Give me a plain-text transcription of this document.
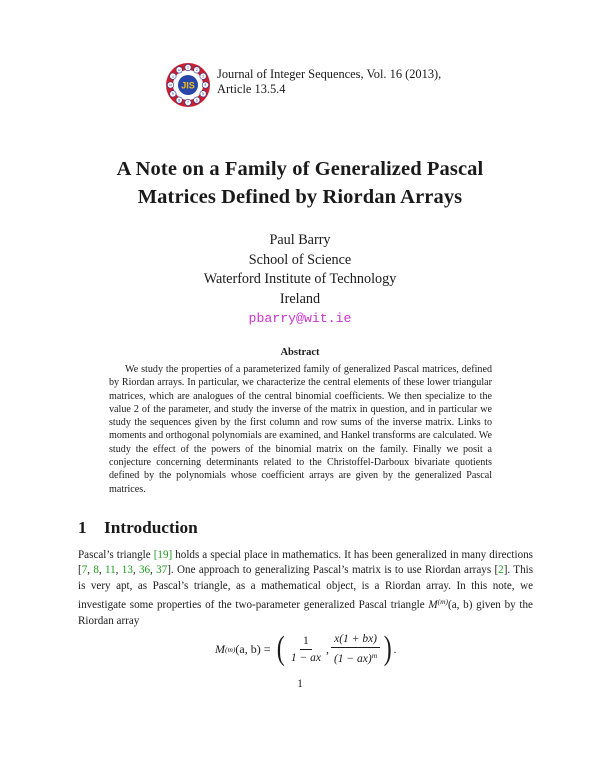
1
2
3
4
5
6
7
8
9
10
11
12
JIS
Journal of Integer Sequences, Vol. 16 (2013),
Article 13.5.4
A Note on a Family of Generalized Pascal
Matrices Defined by Riordan Arrays
Paul Barry
School of Science
Waterford Institute of Technology
Ireland
pbarry@wit.ie
Abstract

We study the properties of a parameterized family of generalized Pascal matrices, defined by Riordan arrays. In particular, we characterize the central elements of these lower triangular matrices, which are analogues of the central binomial coefficients. We then specialize to the value 2 of the parameter, and study the inverse of the matrix in question, and in particular we study the sequences given by the first column and row sums of the inverse matrix. Links to moments and orthogonal polynomials are examined, and Hankel transforms are calculated. We study the effect of the powers of the binomial matrix on the family. Finally we posit a conjecture concerning determinants related to the Christoffel-Darboux bivariate quotients defined by the polynomials whose coefficient arrays are given by the generalized Pascal matrices.

1 Introduction

Pascal’s triangle [19] holds a special place in mathematics. It has been generalized in many directions [7, 8, 11, 13, 36, 37]. One approach to generalizing Pascal’s matrix is to use Riordan arrays [2]. This is very apt, as Pascal’s triangle, as a mathematical object, is a Riordan array. In this note, we investigate some properties of the two-parameter generalized Pascal triangle $M^{(m)}(a$, b) given by the Riordan array

M (m) (a, b) = ( $\frac{1}{1 - ax}$ , $\frac{x(1 + bx)}{(1 - ax)^m}$ ) .
1
